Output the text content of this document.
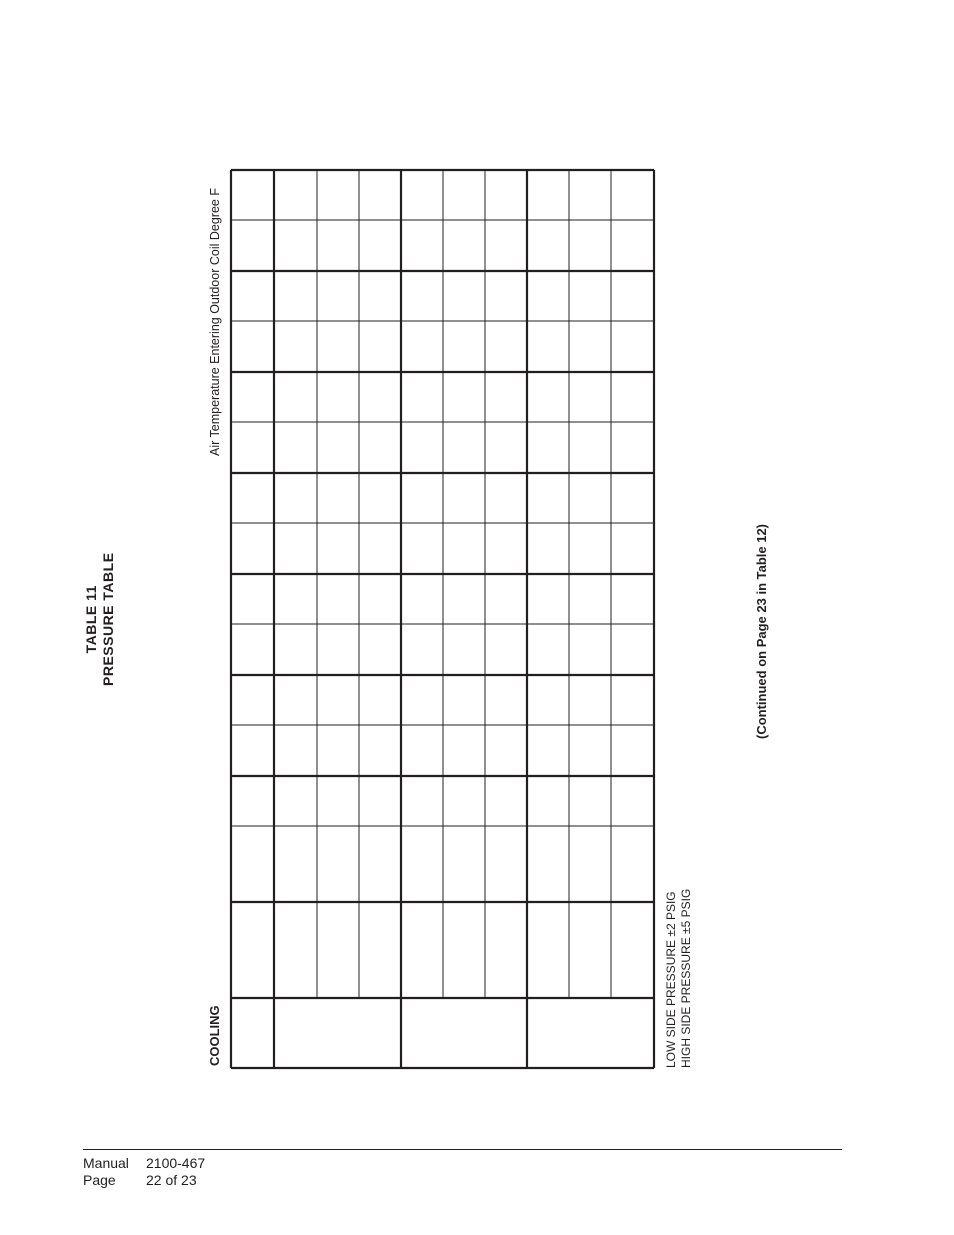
TABLE 11 PRESSURE TABLE
Air Temperature Entering Outdoor Coil Degree F
COOLING	LOW SIDE PRESSURE ±2 PSIG HIGH SIDE PRESSURE ±5 PSIG
(Continued on Page 23 in Table 12)
Manual 2100-467
Page 22 of 23
